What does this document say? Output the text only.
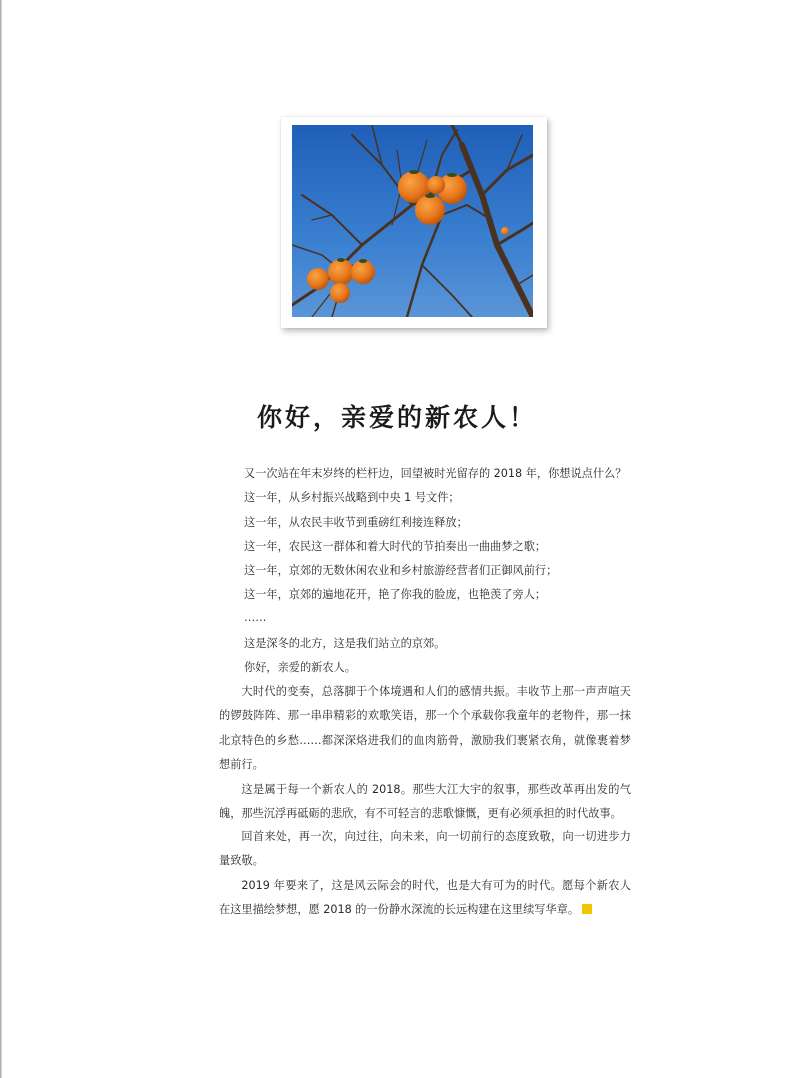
你好，亲爱的新农人！
又一次站在年末岁终的栏杆边，回望被时光留存的 2018 年，你想说点什么？
这一年，从乡村振兴战略到中央 1 号文件；
这一年，从农民丰收节到重磅红利接连释放；
这一年，农民这一群体和着大时代的节拍奏出一曲曲梦之歌；
这一年，京郊的无数休闲农业和乡村旅游经营者们正御风前行；
这一年，京郊的遍地花开，艳了你我的脸庞，也艳羡了旁人；
……
这是深冬的北方，这是我们站立的京郊。
你好，亲爱的新农人。
大时代的变奏，总落脚于个体境遇和人们的感情共振。丰收节上那一声声喧天的锣鼓阵阵、那一串串精彩的欢歌笑语，那一个个承载你我童年的老物件，那一抹北京特色的乡愁……都深深烙进我们的血肉筋骨，激励我们裹紧衣角，就像裹着梦想前行。
这是属于每一个新农人的 2018。那些大江大宇的叙事，那些改革再出发的气魄，那些沉浮再砥砺的悲欣，有不可轻言的悲歌慷慨，更有必须承担的时代故事。
回首来处，再一次，向过往，向未来，向一切前行的态度致敬，向一切进步力量致敬。
2019 年要来了，这是风云际会的时代，也是大有可为的时代。愿每个新农人在这里描绘梦想，愿 2018 的一份静水深流的长远构建在这里续写华章。
